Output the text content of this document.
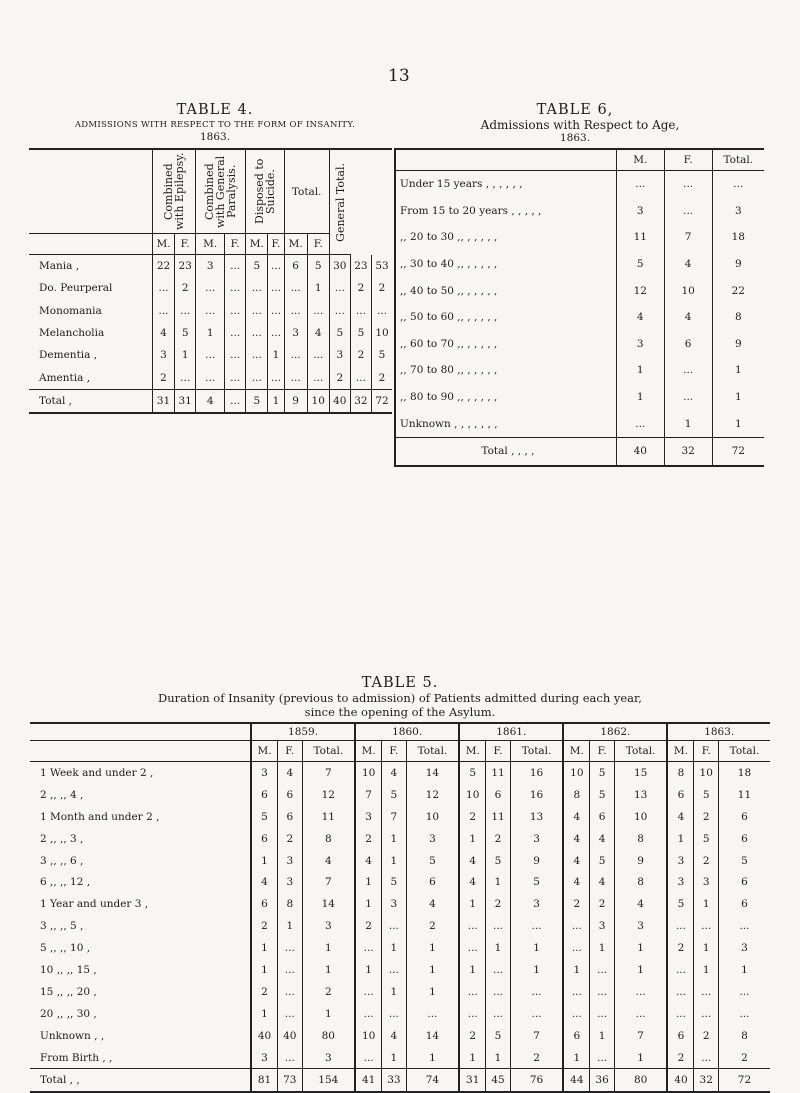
13
TABLE 4.
ADMISSIONS WITH RESPECT TO THE FORM OF INSANITY.
1863.

	Combined with Epilepsy.		Combined with General Paralysis.		Disposed to Suicide.		Total.		General Total.		

	M.	F.	M.	F.	M.	F.	M.	F.			
Mania ,	22	23	3	...	5	...	6	5	30	23	53
Do. Peurperal	...	2	...	...	...	...	...	1	...	2	2
Monomania	...	...	...	...	...	...	...	...	...	...	...
Melancholia	4	5	1	...	...	...	3	4	5	5	10
Dementia ,	3	1	...	...	...	1	...	...	3	2	5
Amentia ,	2	...	...	...	...	...	...	...	2	...	2
Total ,	31	31	4	...	5	1	9	10	40	32	72
TABLE 6,
Admissions with Respect to Age,
1863.
	M.	F.	Total.
Under 15 years , , , , , ,	...	...	...
From 15 to 20 years , , , , ,	3	...	3
,, 20 to 30 ,, , , , , ,	11	7	18
,, 30 to 40 ,, , , , , ,	5	4	9
,, 40 to 50 ,, , , , , ,	12	10	22
,, 50 to 60 ,, , , , , ,	4	4	8
,, 60 to 70 ,, , , , , ,	3	6	9
,, 70 to 80 ,, , , , , ,	1	...	1
,, 80 to 90 ,, , , , , ,	1	...	1
Unknown , , , , , , ,	...	1	1
Total , , , ,	40	32	72
TABLE 5.
Duration of Insanity (previous to admission) of Patients admitted during each year,
since the opening of the Asylum.
	1859.			1860.			1861.			1862.			1863.		
	M.	F.	Total.	M.	F.	Total.	M.	F.	Total.	M.	F.	Total.	M.	F.	Total.
1 Week and under 2 ,	3	4	7	10	4	14	5	11	16	10	5	15	8	10	18
2 ,, ,, 4 ,	6	6	12	7	5	12	10	6	16	8	5	13	6	5	11
1 Month and under 2 ,	5	6	11	3	7	10	2	11	13	4	6	10	4	2	6
2 ,, ,, 3 ,	6	2	8	2	1	3	1	2	3	4	4	8	1	5	6
3 ,, ,, 6 ,	1	3	4	4	1	5	4	5	9	4	5	9	3	2	5
6 ,, ,, 12 ,	4	3	7	1	5	6	4	1	5	4	4	8	3	3	6
1 Year and under 3 ,	6	8	14	1	3	4	1	2	3	2	2	4	5	1	6
3 ,, ,, 5 ,	2	1	3	2	...	2	...	...	...	...	3	3	...	...	...
5 ,, ,, 10 ,	1	...	1	...	1	1	...	1	1	...	1	1	2	1	3
10 ,, ,, 15 ,	1	...	1	1	...	1	1	...	1	1	...	1	...	1	1
15 ,, ,, 20 ,	2	...	2	...	1	1	...	...	...	...	...	...	...	...	...
20 ,, ,, 30 ,	1	...	1	...	...	...	...	...	...	...	...	...	...	...	...
Unknown , ,	40	40	80	10	4	14	2	5	7	6	1	7	6	2	8
From Birth , ,	3	...	3	...	1	1	1	1	2	1	...	1	2	...	2
Total , ,	81	73	154	41	33	74	31	45	76	44	36	80	40	32	72
